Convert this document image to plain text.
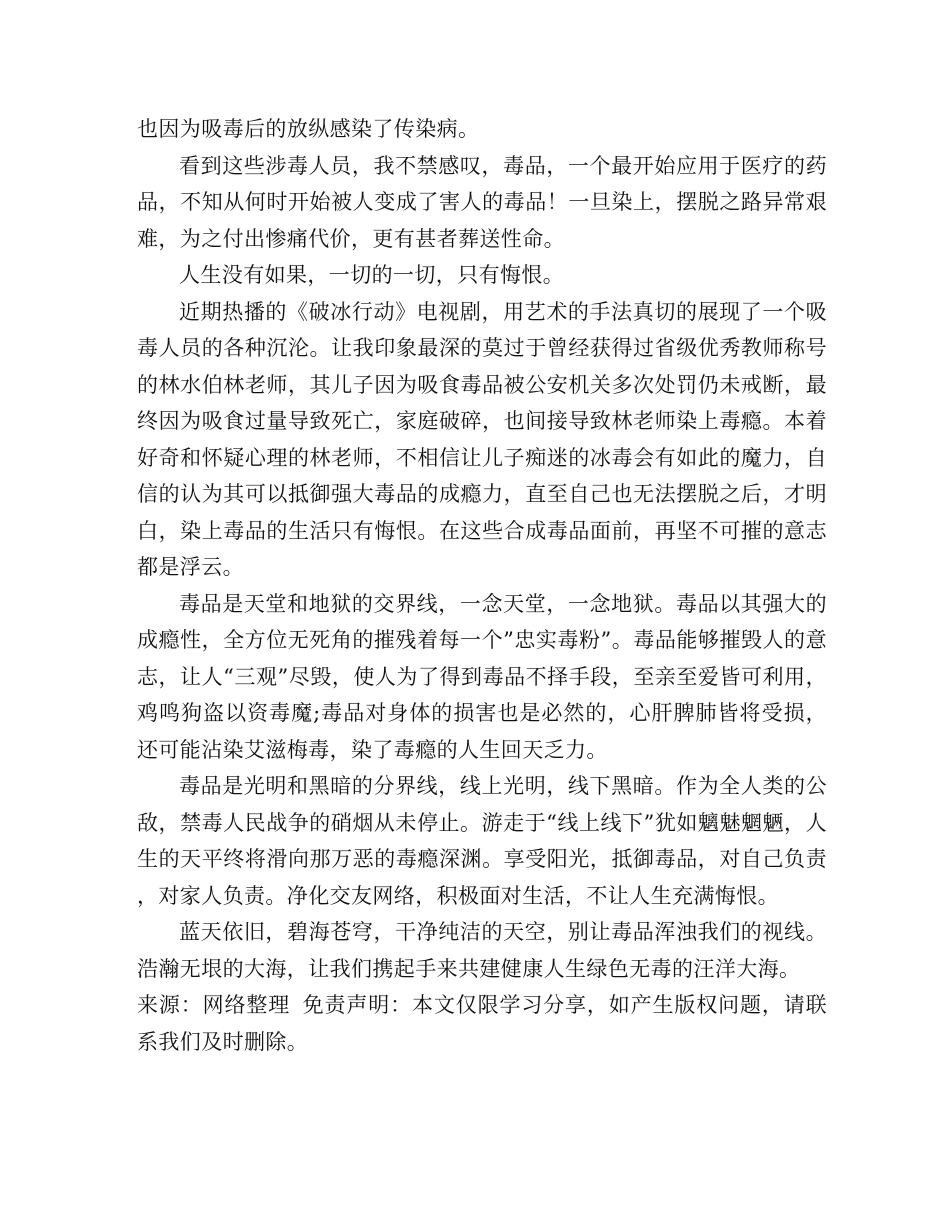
也因为吸毒后的放纵感染了传染病。

看到这些涉毒人员，我不禁感叹，毒品，一个最开始应用于医疗的药品，不知从何时开始被人变成了害人的毒品！一旦染上，摆脱之路异常艰难，为之付出惨痛代价，更有甚者葬送性命。

人生没有如果，一切的一切，只有悔恨。

近期热播的《破冰行动》电视剧，用艺术的手法真切的展现了一个吸毒人员的各种沉沦。让我印象最深的莫过于曾经获得过省级优秀教师称号的林水伯林老师，其儿子因为吸食毒品被公安机关多次处罚仍未戒断，最终因为吸食过量导致死亡，家庭破碎，也间接导致林老师染上毒瘾。本着好奇和怀疑心理的林老师，不相信让儿子痴迷的冰毒会有如此的魔力，自信的认为其可以抵御强大毒品的成瘾力，直至自己也无法摆脱之后，才明白，染上毒品的生活只有悔恨。在这些合成毒品面前，再坚不可摧的意志都是浮云。

毒品是天堂和地狱的交界线，一念天堂，一念地狱。毒品以其强大的成瘾性，全方位无死角的摧残着每一个”忠实毒粉”。毒品能够摧毁人的意志，让人“三观”尽毁，使人为了得到毒品不择手段，至亲至爱皆可利用，鸡鸣狗盗以资毒魔;毒品对身体的损害也是必然的，心肝脾肺皆将受损，还可能沾染艾滋梅毒，染了毒瘾的人生回天乏力。

毒品是光明和黑暗的分界线，线上光明，线下黑暗。作为全人类的公敌，禁毒人民战争的硝烟从未停止。游走于“线上线下”犹如魑魅魍魉，人生的天平终将滑向那万恶的毒瘾深渊。享受阳光，抵御毒品，对自己负责，对家人负责。净化交友网络，积极面对生活，不让人生充满悔恨。

蓝天依旧，碧海苍穹，干净纯洁的天空，别让毒品浑浊我们的视线。浩瀚无垠的大海，让我们携起手来共建健康人生绿色无毒的汪洋大海。

来源：网络整理 免责声明：本文仅限学习分享，如产生版权问题，请联系我们及时删除。
